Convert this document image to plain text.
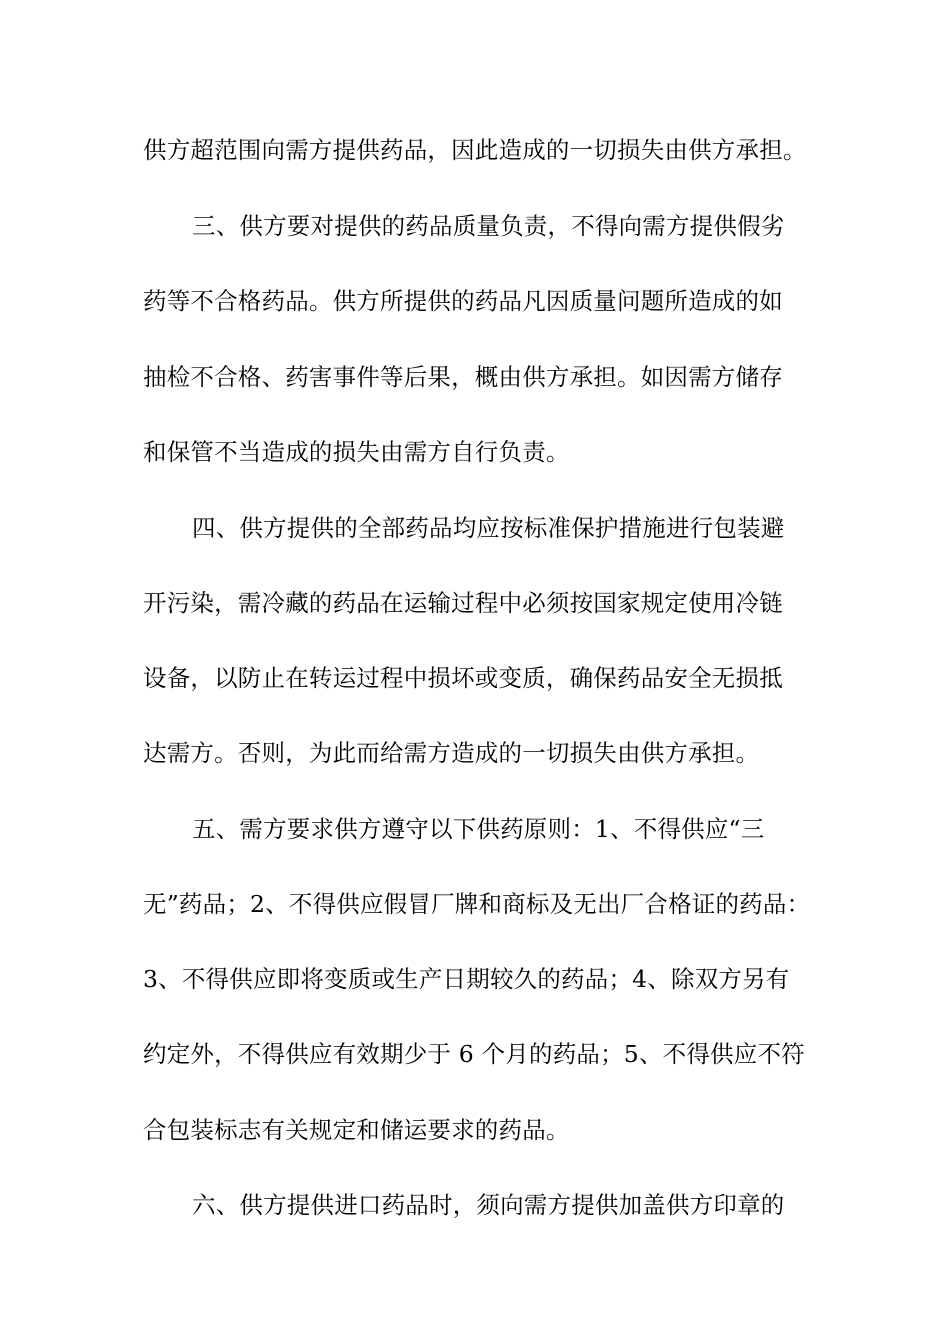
供方超范围向需方提供药品，因此造成的一切损失由供方承担。
三、供方要对提供的药品质量负责，不得向需方提供假劣
药等不合格药品。供方所提供的药品凡因质量问题所造成的如
抽检不合格、药害事件等后果，概由供方承担。如因需方储存
和保管不当造成的损失由需方自行负责。
四、供方提供的全部药品均应按标准保护措施进行包装避
开污染，需冷藏的药品在运输过程中必须按国家规定使用冷链
设备，以防止在转运过程中损坏或变质，确保药品安全无损抵
达需方。否则，为此而给需方造成的一切损失由供方承担。
五、需方要求供方遵守以下供药原则：1、不得供应“三
无”药品；2、不得供应假冒厂牌和商标及无出厂合格证的药品：
3、不得供应即将变质或生产日期较久的药品；4、除双方另有
约定外，不得供应有效期少于 6 个月的药品；5、不得供应不符
合包装标志有关规定和储运要求的药品。
六、供方提供进口药品时，须向需方提供加盖供方印章的
